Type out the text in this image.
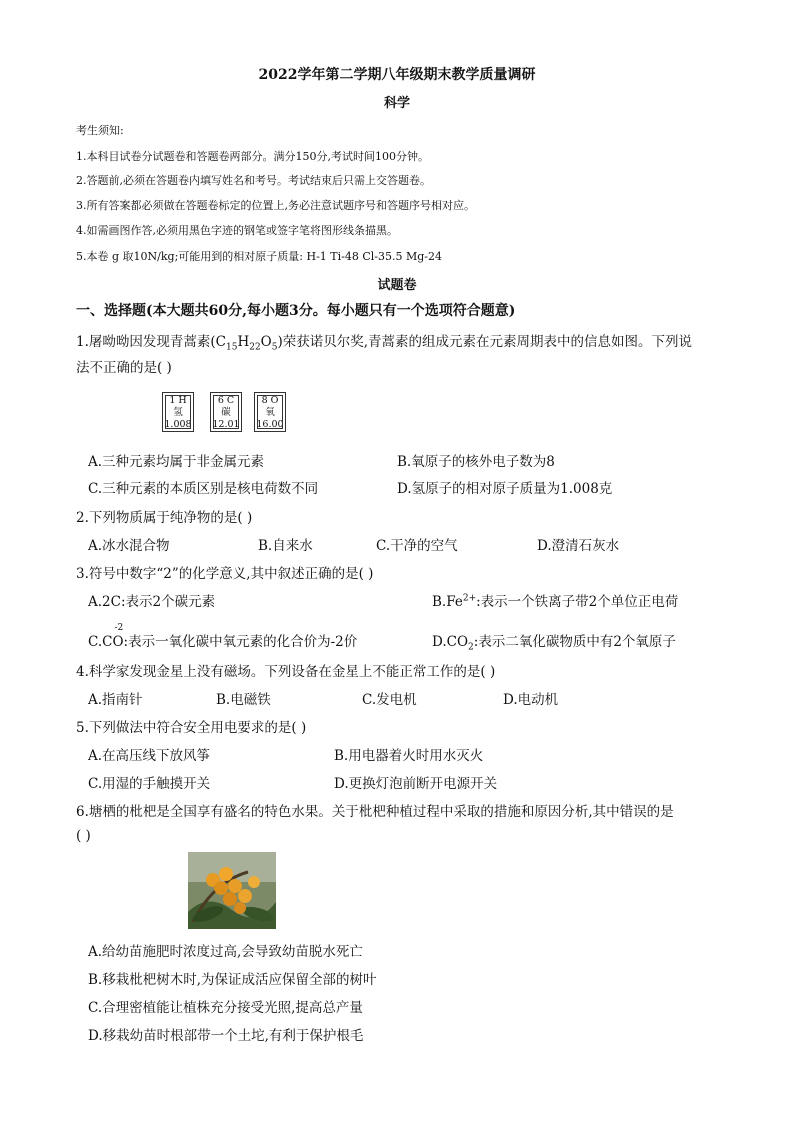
2022学年第二学期八年级期末教学质量调研
科学
考生须知:
1.本科目试卷分试题卷和答题卷两部分。满分150分,考试时间100分钟。
2.答题前,必须在答题卷内填写姓名和考号。考试结束后只需上交答题卷。
3.所有答案都必须做在答题卷标定的位置上,务必注意试题序号和答题序号相对应。
4.如需画图作答,必须用黑色字迹的钢笔或签字笔将图形线条描黑。
5.本卷 g 取10N/kg;可能用到的相对原子质量: H-1 Ti-48 Cl-35.5 Mg-24
试题卷
一、选择题(本大题共60分,每小题3分。每小题只有一个选项符合题意)
1.屠呦呦因发现青蒿素$(C_{15}H_{22}O_5)$荣获诺贝尔奖,青蒿素的组成元素在元素周期表中的信息如图。下列说
法不正确的是( )
1 H
氢
1.008
6 C
碳
12.01
8 O
氧
16.00
A.三种元素均属于非金属元素	B.氧原子的核外电子数为8
C.三种元素的本质区别是核电荷数不同	D.氢原子的相对原子质量为1.008克
2.下列物质属于纯净物的是( )
A.冰水混合物	B.自来水	C.干净的空气	D.澄清石灰水
3.符号中数字“2”的化学意义,其中叙述正确的是( )
A.2C:表示2个碳元素	$B.Fe^{2+}$:表示一个铁离子带2个单位正电荷
C.C
-2
O:表示一氧化碳中氧元素的化合价为-2价	$D.CO_2$:表示二氧化碳物质中有2个氧原子
4.科学家发现金星上没有磁场。下列设备在金星上不能正常工作的是( )
A.指南针	B.电磁铁	C.发电机	D.电动机
5.下列做法中符合安全用电要求的是( )
A.在高压线下放风筝	B.用电器着火时用水灭火
C.用湿的手触摸开关	D.更换灯泡前断开电源开关
6.塘栖的枇杷是全国享有盛名的特色水果。关于枇杷种植过程中采取的措施和原因分析,其中错误的是
( )
A.给幼苗施肥时浓度过高,会导致幼苗脱水死亡
B.移栽枇杷树木时,为保证成活应保留全部的树叶
C.合理密植能让植株充分接受光照,提高总产量
D.移栽幼苗时根部带一个土坨,有利于保护根毛
